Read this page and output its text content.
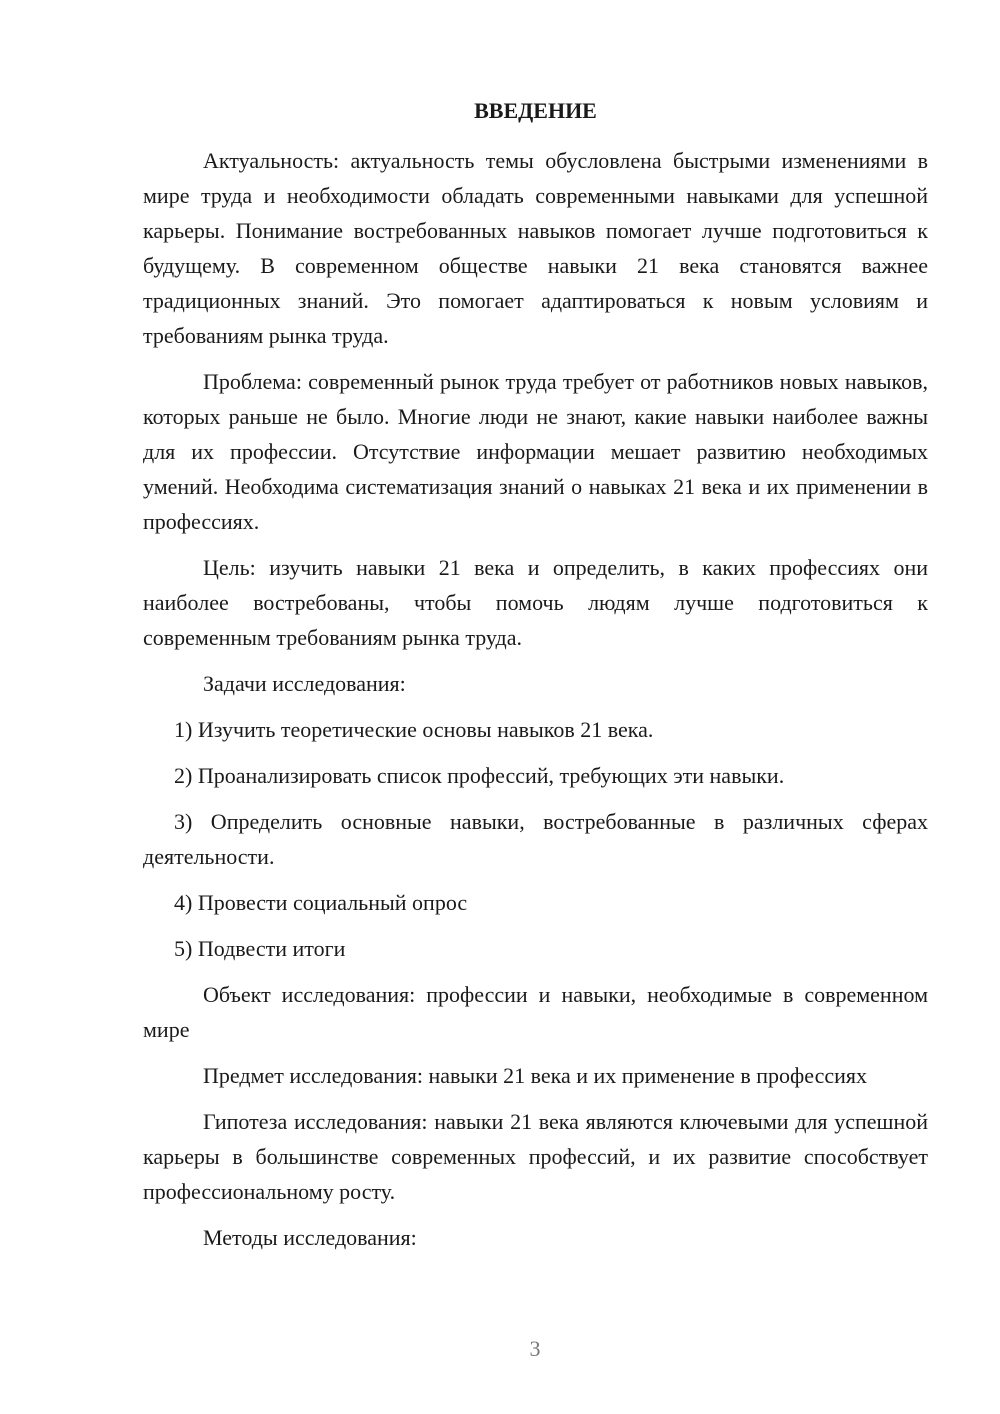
ВВЕДЕНИЕ

Актуальность: актуальность темы обусловлена быстрыми изменениями в мире труда и необходимости обладать современными навыками для успешной карьеры. Понимание востребованных навыков помогает лучше подготовиться к будущему. В современном обществе навыки 21 века становятся важнее традиционных знаний. Это помогает адаптироваться к новым условиям и требованиям рынка труда.

Проблема: современный рынок труда требует от работников новых навыков, которых раньше не было. Многие люди не знают, какие навыки наиболее важны для их профессии. Отсутствие информации мешает развитию необходимых умений. Необходима систематизация знаний о навыках 21 века и их применении в профессиях.

Цель: изучить навыки 21 века и определить, в каких профессиях они наиболее востребованы, чтобы помочь людям лучше подготовиться к современным требованиям рынка труда.

Задачи исследования:

1) Изучить теоретические основы навыков 21 века.

2) Проанализировать список профессий, требующих эти навыки.

3) Определить основные навыки, востребованные в различных сферах деятельности.

4) Провести социальный опрос

5) Подвести итоги

Объект исследования: профессии и навыки, необходимые в современном мире

Предмет исследования: навыки 21 века и их применение в профессиях

Гипотеза исследования: навыки 21 века являются ключевыми для успешной карьеры в большинстве современных профессий, и их развитие способствует профессиональному росту.

Методы исследования:

3
